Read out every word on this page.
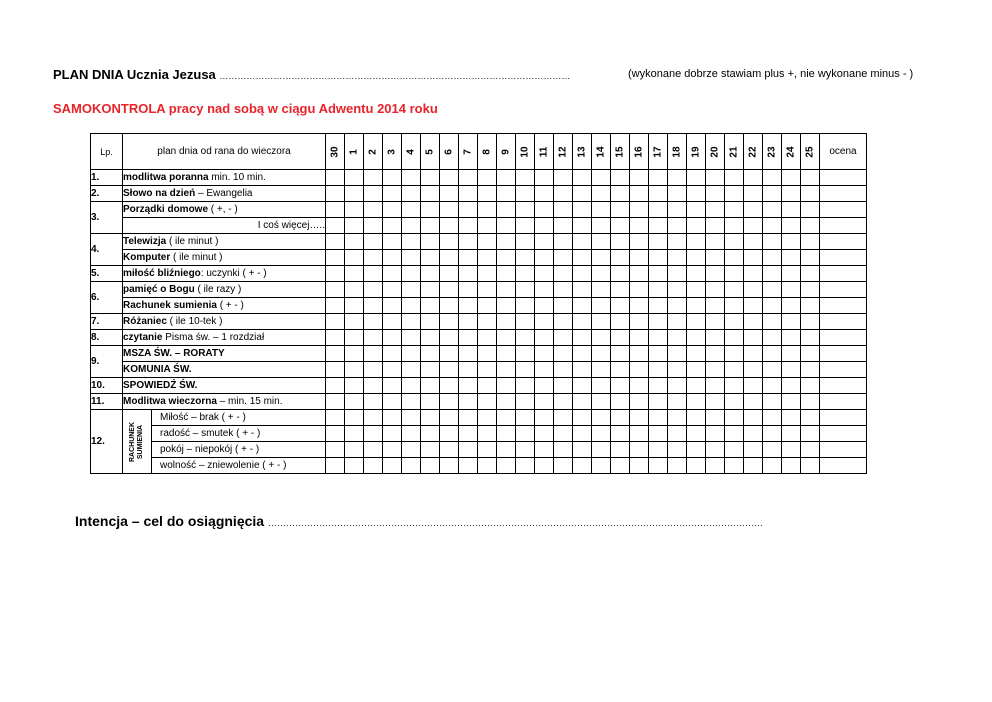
PLAN DNIA Ucznia Jezusa ………………………………………………………………………………………………………	(wykonane dobrze stawiam plus +, nie wykonane minus - )
SAMOKONTROLA pracy nad sobą w ciągu Adwentu 2014 roku
Lp.	plan dnia od rana do wieczora	30	1	2	3	4	5	6	7	8	9	10	11	12	13	14	15	16	17	18	19	20	21	22	23	24	25	ocena
1.	modlitwa poranna min. 10 min.																											
2.	Słowo na dzień – Ewangelia																											
3.	Porządki domowe ( +, - )																											
I coś więcej…..																											
4.	Telewizja ( ile minut )																											
Komputer ( ile minut )																											
5.	miłość bliźniego: uczynki ( + - )																											
6.	pamięć o Bogu ( ile razy )																											
Rachunek sumienia ( + - )																											
7.	Różaniec ( ile 10-tek )																											
8.	czytanie Pisma św. – 1 rozdział																											
9.	MSZA ŚW. – RORATY																											
KOMUNIA ŚW.																											
10.	SPOWIEDŹ ŚW.																											
11.	Modlitwa wieczorna – min. 15 min.																											
12.		RACHUNEK SUMIENIA
	Miłość – brak ( + - )
radość – smutek ( + - )
pokój – niepokój ( + - )
wolność – zniewolenie ( + - )

Intencja – cel do osiągnięcia …………………………………………………………………………………………………………………………………………………
